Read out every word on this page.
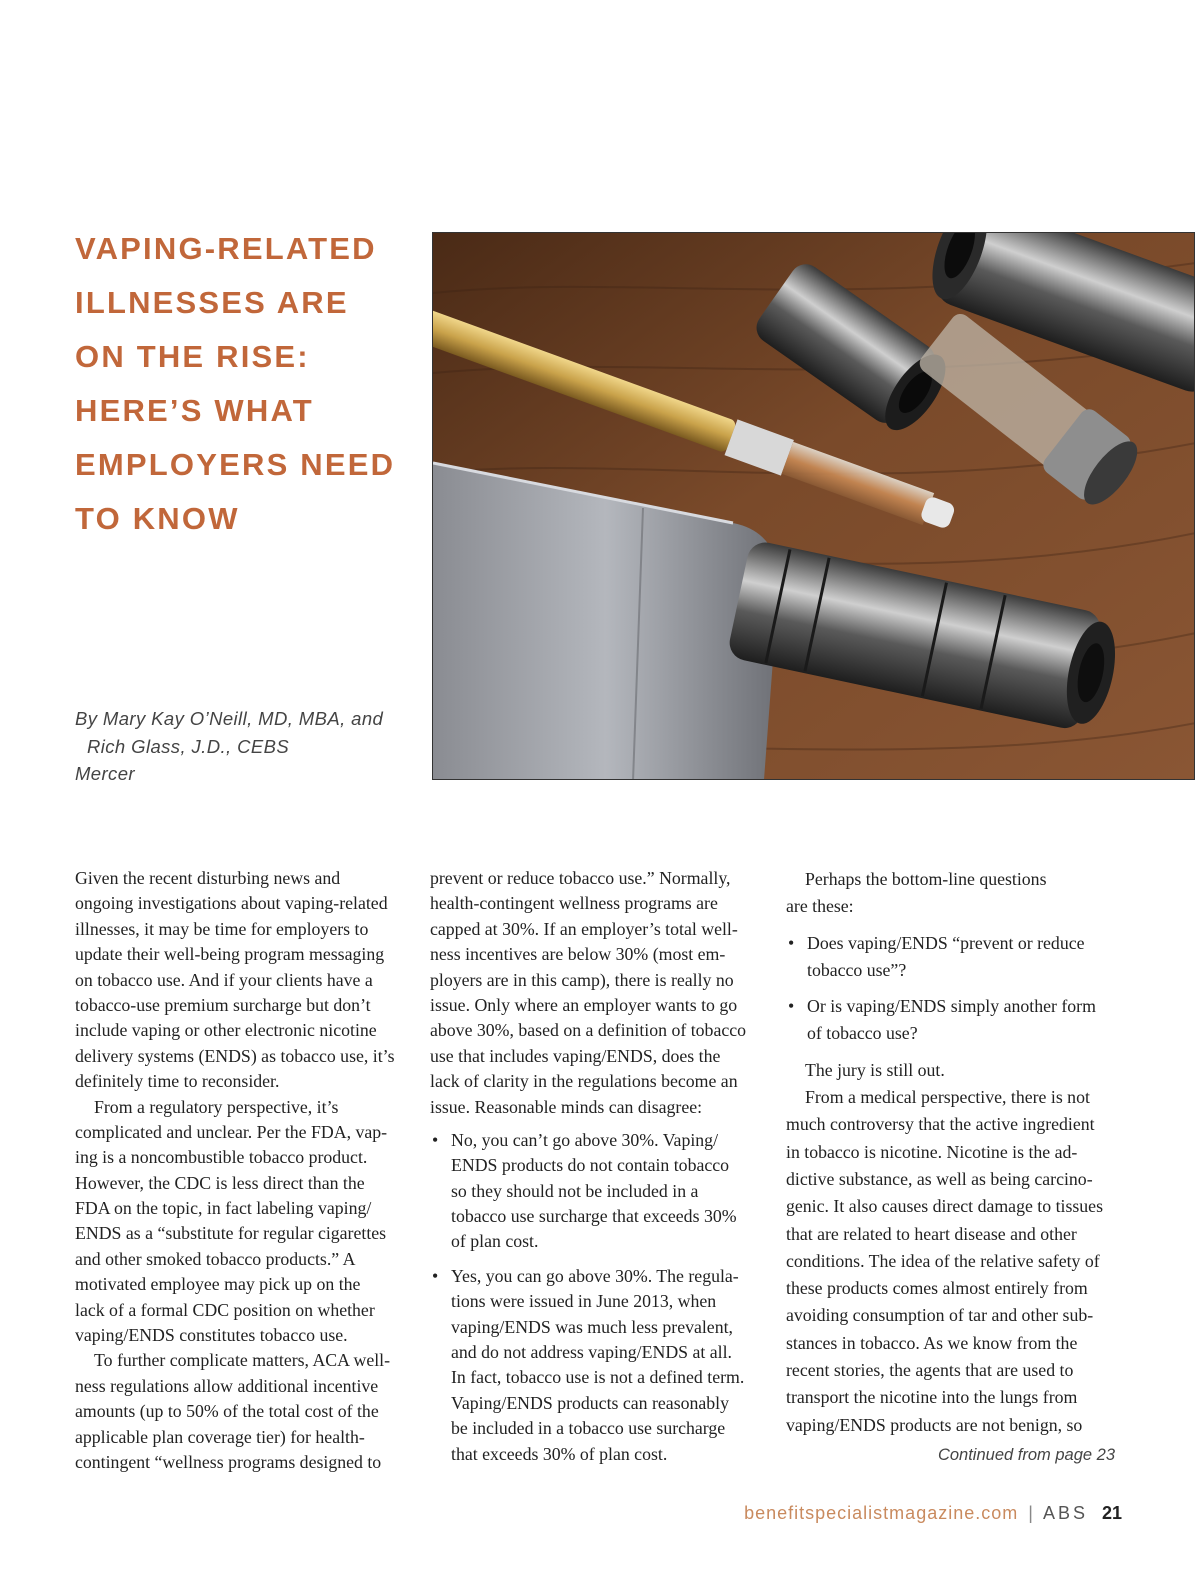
VAPING-RELATED
ILLNESSES ARE
ON THE RISE:
HERE’S WHAT
EMPLOYERS NEED
TO KNOW
By Mary Kay O’Neill, MD, MBA, and
Rich Glass, J.D., CEBS
Mercer
Given the recent disturbing news and
ongoing investigations about vaping-related
illnesses, it may be time for employers to
update their well-being program messaging
on tobacco use. And if your clients have a
tobacco-use premium surcharge but don’t
include vaping or other electronic nicotine
delivery systems (ENDS) as tobacco use, it’s
definitely time to reconsider.
From a regulatory perspective, it’s
complicated and unclear. Per the FDA, vap-
ing is a noncombustible tobacco product.
However, the CDC is less direct than the
FDA on the topic, in fact labeling vaping/
ENDS as a “substitute for regular cigarettes
and other smoked tobacco products.” A
motivated employee may pick up on the
lack of a formal CDC position on whether
vaping/ENDS constitutes tobacco use.
To further complicate matters, ACA well-
ness regulations allow additional incentive
amounts (up to 50% of the total cost of the
applicable plan coverage tier) for health-
contingent “wellness programs designed to
prevent or reduce tobacco use.” Normally,
health-contingent wellness programs are
capped at 30%. If an employer’s total well-
ness incentives are below 30% (most em-
ployers are in this camp), there is really no
issue. Only where an employer wants to go
above 30%, based on a definition of tobacco
use that includes vaping/ENDS, does the
lack of clarity in the regulations become an
issue. Reasonable minds can disagree:
• No, you can’t go above 30%. Vaping/
ENDS products do not contain tobacco
so they should not be included in a
tobacco use surcharge that exceeds 30%
of plan cost.
• Yes, you can go above 30%. The regula-
tions were issued in June 2013, when
vaping/ENDS was much less prevalent,
and do not address vaping/ENDS at all.
In fact, tobacco use is not a defined term.
Vaping/ENDS products can reasonably
be included in a tobacco use surcharge
that exceeds 30% of plan cost.
Perhaps the bottom-line questions
are these:
• Does vaping/ENDS “prevent or reduce
tobacco use”?
• Or is vaping/ENDS simply another form
of tobacco use?
The jury is still out.
From a medical perspective, there is not
much controversy that the active ingredient
in tobacco is nicotine. Nicotine is the ad-
dictive substance, as well as being carcino-
genic. It also causes direct damage to tissues
that are related to heart disease and other
conditions. The idea of the relative safety of
these products comes almost entirely from
avoiding consumption of tar and other sub-
stances in tobacco. As we know from the
recent stories, the agents that are used to
transport the nicotine into the lungs from
vaping/ENDS products are not benign, so
Continued from page 23
benefitspecialistmagazine.com | ABS 21
